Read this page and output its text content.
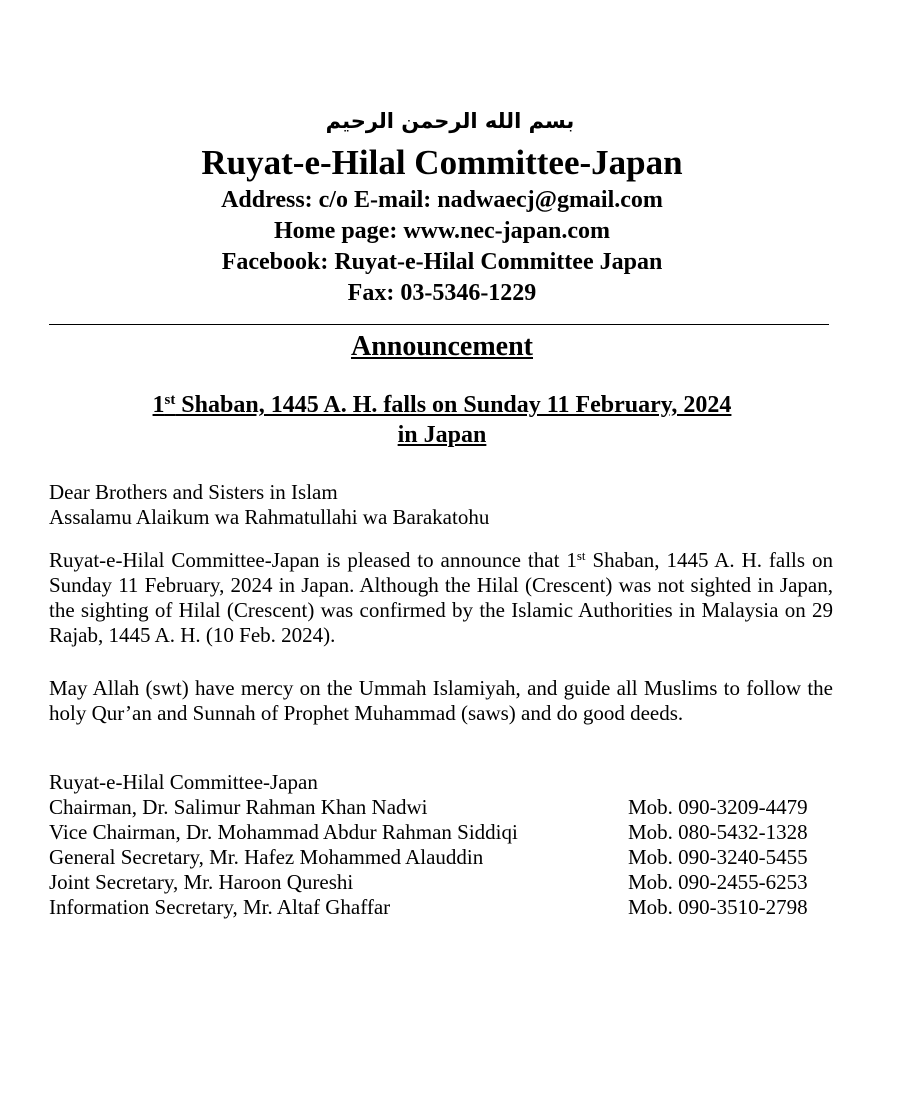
بسم الله الرحمن الرحيم
Ruyat-e-Hilal Committee-Japan
Address: c/o E-mail: nadwaecj@gmail.com
Home page: www.nec-japan.com
Facebook: Ruyat-e-Hilal Committee Japan
Fax: 03-5346-1229
Announcement
1st Shaban, 1445 A. H. falls on Sunday 11 February, 2024
in Japan
Dear Brothers and Sisters in Islam
Assalamu Alaikum wa Rahmatullahi wa Barakatohu
Ruyat-e-Hilal Committee-Japan is pleased to announce that 1st Shaban, 1445 A. H. falls on Sunday 11 February, 2024 in Japan. Although the Hilal (Crescent) was not sighted in Japan, the sighting of Hilal (Crescent) was confirmed by the Islamic Authorities in Malaysia on 29 Rajab, 1445 A. H. (10 Feb. 2024).
May Allah (swt) have mercy on the Ummah Islamiyah, and guide all Muslims to follow the holy Qur’an and Sunnah of Prophet Muhammad (saws) and do good deeds.
Ruyat-e-Hilal Committee-Japan
Chairman, Dr. Salimur Rahman Khan Nadwi	Mob. 090-3209-4479
Vice Chairman, Dr. Mohammad Abdur Rahman Siddiqi	Mob. 080-5432-1328
General Secretary, Mr. Hafez Mohammed Alauddin	Mob. 090-3240-5455
Joint Secretary, Mr. Haroon Qureshi	Mob. 090-2455-6253
Information Secretary, Mr. Altaf Ghaffar	Mob. 090-3510-2798
